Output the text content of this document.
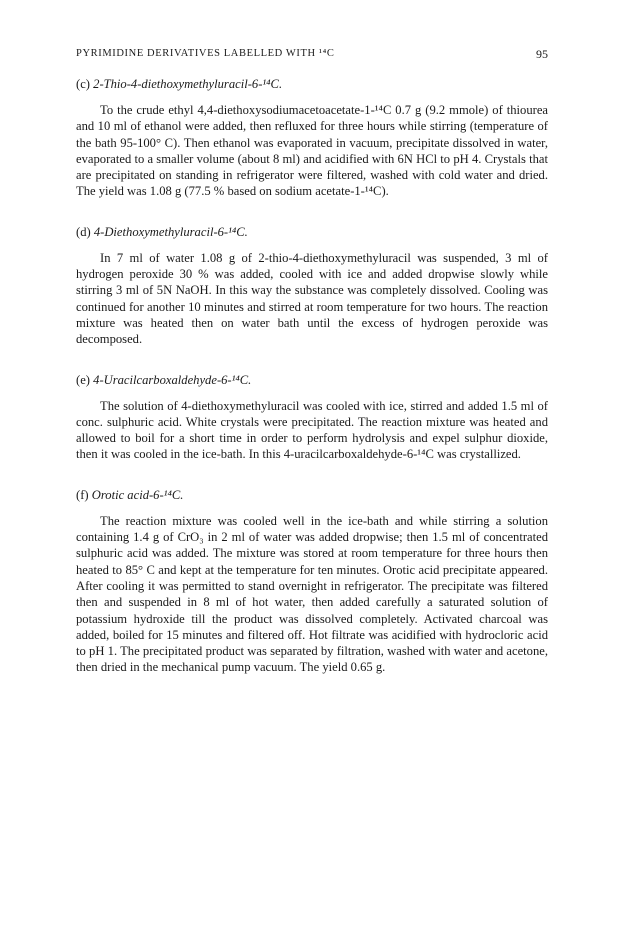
PYRIMIDINE DERIVATIVES LABELLED WITH ¹⁴C	95
(c) 2-Thio-4-diethoxymethyluracil-6-¹⁴C.

To the crude ethyl 4,4-diethoxysodiumacetoacetate-1-¹⁴C 0.7 g (9.2 mmole) of thiourea and 10 ml of ethanol were added, then refluxed for three hours while stirring (temperature of the bath 95-100° C). Then ethanol was evaporated in vacuum, precipitate dissolved in water, evaporated to a smaller volume (about 8 ml) and acidified with 6N HCl to pH 4. Crystals that are precipitated on standing in refrigerator were filtered, washed with cold water and dried. The yield was 1.08 g (77.5 % based on sodium acetate-1-¹⁴C).

(d) 4-Diethoxymethyluracil-6-¹⁴C.

In 7 ml of water 1.08 g of 2-thio-4-diethoxymethyluracil was suspended, 3 ml of hydrogen peroxide 30 % was added, cooled with ice and added dropwise slowly while stirring 3 ml of 5N NaOH. In this way the substance was completely dissolved. Cooling was continued for another 10 minutes and stirred at room temperature for two hours. The reaction mixture was heated then on water bath until the excess of hydrogen peroxide was decomposed.

(e) 4-Uracilcarboxaldehyde-6-¹⁴C.

The solution of 4-diethoxymethyluracil was cooled with ice, stirred and added 1.5 ml of conc. sulphuric acid. White crystals were precipitated. The reaction mixture was heated and allowed to boil for a short time in order to perform hydrolysis and expel sulphur dioxide, then it was cooled in the ice-bath. In this 4-uracilcarboxaldehyde-6-¹⁴C was crystallized.

(f) Orotic acid-6-¹⁴C.

The reaction mixture was cooled well in the ice-bath and while stirring a solution containing 1.4 g of CrO₃ in 2 ml of water was added dropwise; then 1.5 ml of concentrated sulphuric acid was added. The mixture was stored at room temperature for three hours then heated to 85° C and kept at the temperature for ten minutes. Orotic acid precipitate appeared. After cooling it was permitted to stand overnight in refrigerator. The precipitate was filtered then and suspended in 8 ml of hot water, then added carefully a saturated solution of potassium hydroxide till the product was dissolved completely. Activated charcoal was added, boiled for 15 minutes and filtered off. Hot filtrate was acidified with hydrocloric acid to pH 1. The precipitated product was separated by filtration, washed with water and acetone, then dried in the mechanical pump vacuum. The yield 0.65 g.
